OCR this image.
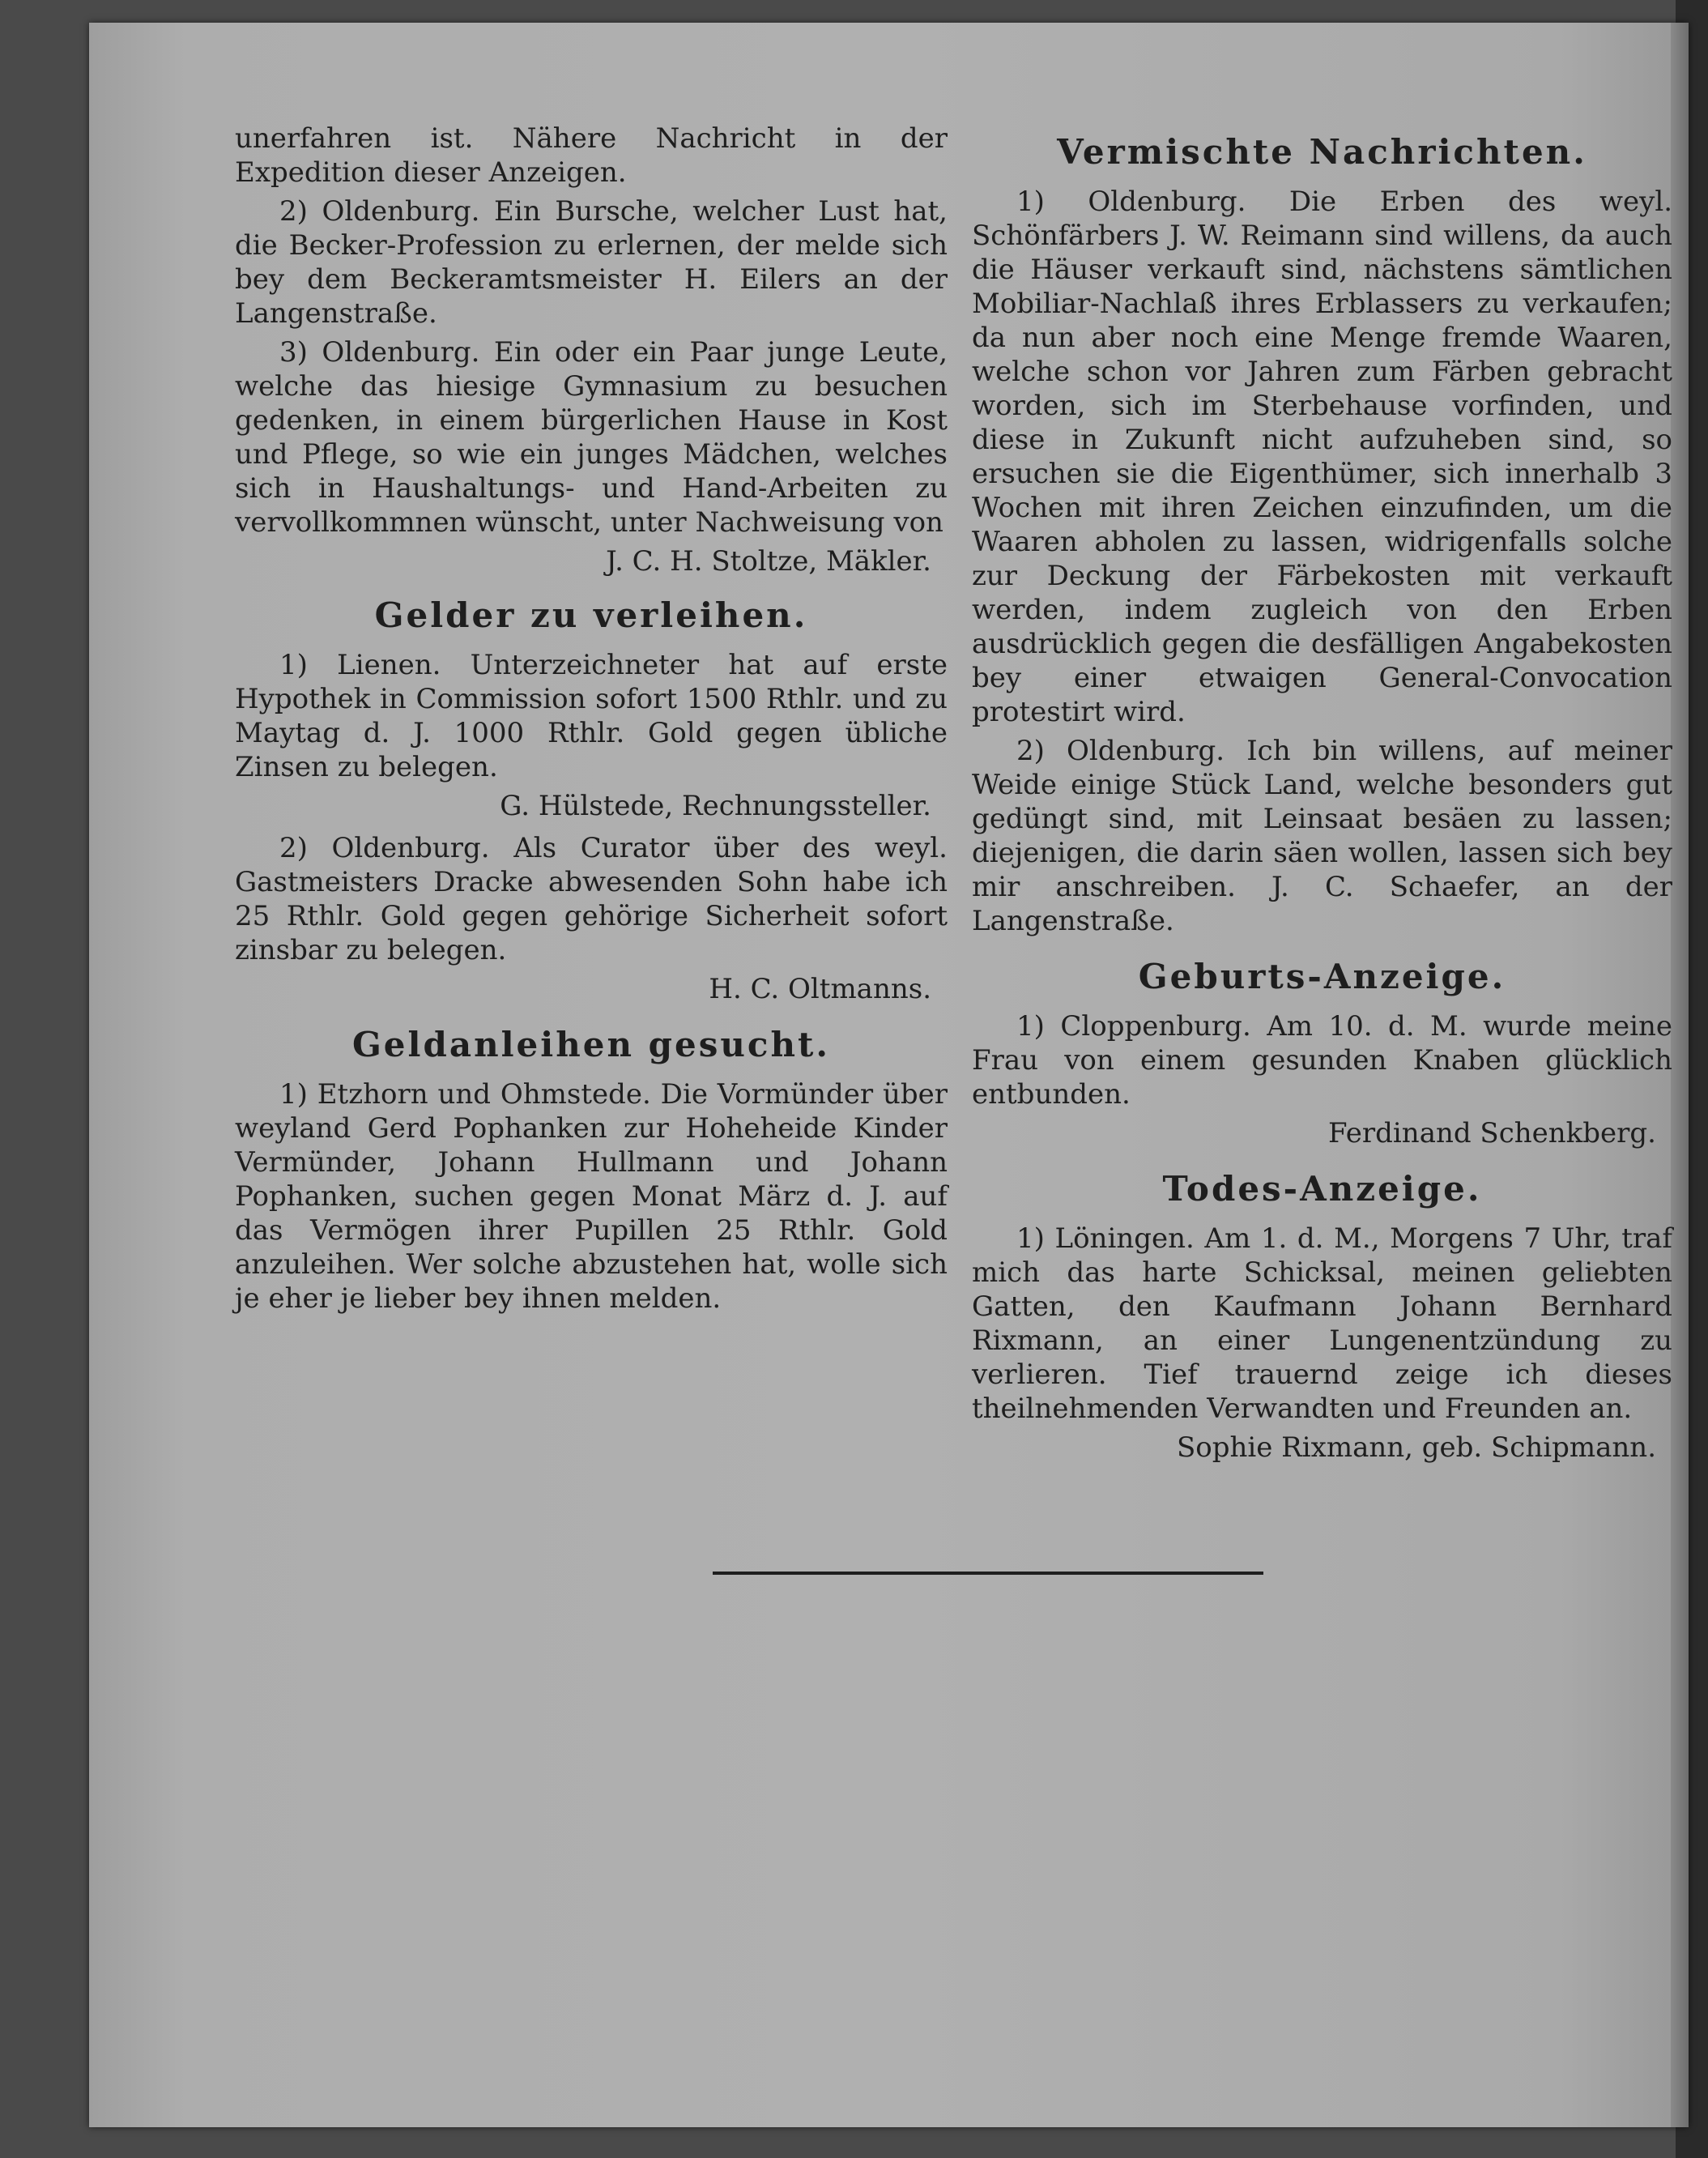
unerfahren ist. Nähere Nachricht in der Expedition dieser Anzeigen.

2) Oldenburg. Ein Bursche, welcher Lust hat, die Becker-Profession zu erlernen, der melde sich bey dem Beckeramtsmeister H. Eilers an der Langenstraße.

3) Oldenburg. Ein oder ein Paar junge Leute, welche das hiesige Gymnasium zu besuchen gedenken, in einem bürgerlichen Hause in Kost und Pflege, so wie ein junges Mädchen, welches sich in Haushaltungs- und Hand-Arbeiten zu vervollkommnen wünscht, unter Nachweisung von

J. C. H. Stoltze, Mäkler.

Gelder zu verleihen.

1) Lienen. Unterzeichneter hat auf erste Hypothek in Commission sofort 1500 Rthlr. und zu Maytag d. J. 1000 Rthlr. Gold gegen übliche Zinsen zu belegen.

G. Hülstede, Rechnungssteller.

2) Oldenburg. Als Curator über des weyl. Gastmeisters Dracke abwesenden Sohn habe ich 25 Rthlr. Gold gegen gehörige Sicherheit sofort zinsbar zu belegen.

H. C. Oltmanns.

Geldanleihen gesucht.

1) Etzhorn und Ohmstede. Die Vormünder über weyland Gerd Pophanken zur Hoheheide Kinder Vermünder, Johann Hullmann und Johann Pophanken, suchen gegen Monat März d. J. auf das Vermögen ihrer Pupillen 25 Rthlr. Gold anzuleihen. Wer solche abzustehen hat, wolle sich je eher je lieber bey ihnen melden.

Vermischte Nachrichten.

1) Oldenburg. Die Erben des weyl. Schönfärbers J. W. Reimann sind willens, da auch die Häuser verkauft sind, nächstens sämtlichen Mobiliar-Nachlaß ihres Erblassers zu verkaufen; da nun aber noch eine Menge fremde Waaren, welche schon vor Jahren zum Färben gebracht worden, sich im Sterbehause vorfinden, und diese in Zukunft nicht aufzuheben sind, so ersuchen sie die Eigenthümer, sich innerhalb 3 Wochen mit ihren Zeichen einzufinden, um die Waaren abholen zu lassen, widrigenfalls solche zur Deckung der Färbekosten mit verkauft werden, indem zugleich von den Erben ausdrücklich gegen die desfälligen Angabekosten bey einer etwaigen General-Convocation protestirt wird.

2) Oldenburg. Ich bin willens, auf meiner Weide einige Stück Land, welche besonders gut gedüngt sind, mit Leinsaat besäen zu lassen; diejenigen, die darin säen wollen, lassen sich bey mir anschreiben. J. C. Schaefer, an der Langenstraße.

Geburts-Anzeige.

1) Cloppenburg. Am 10. d. M. wurde meine Frau von einem gesunden Knaben glücklich entbunden.

Ferdinand Schenkberg.

Todes-Anzeige.

1) Löningen. Am 1. d. M., Morgens 7 Uhr, traf mich das harte Schicksal, meinen geliebten Gatten, den Kaufmann Johann Bernhard Rixmann, an einer Lungenentzündung zu verlieren. Tief trauernd zeige ich dieses theilnehmenden Verwandten und Freunden an.

Sophie Rixmann, geb. Schipmann.
